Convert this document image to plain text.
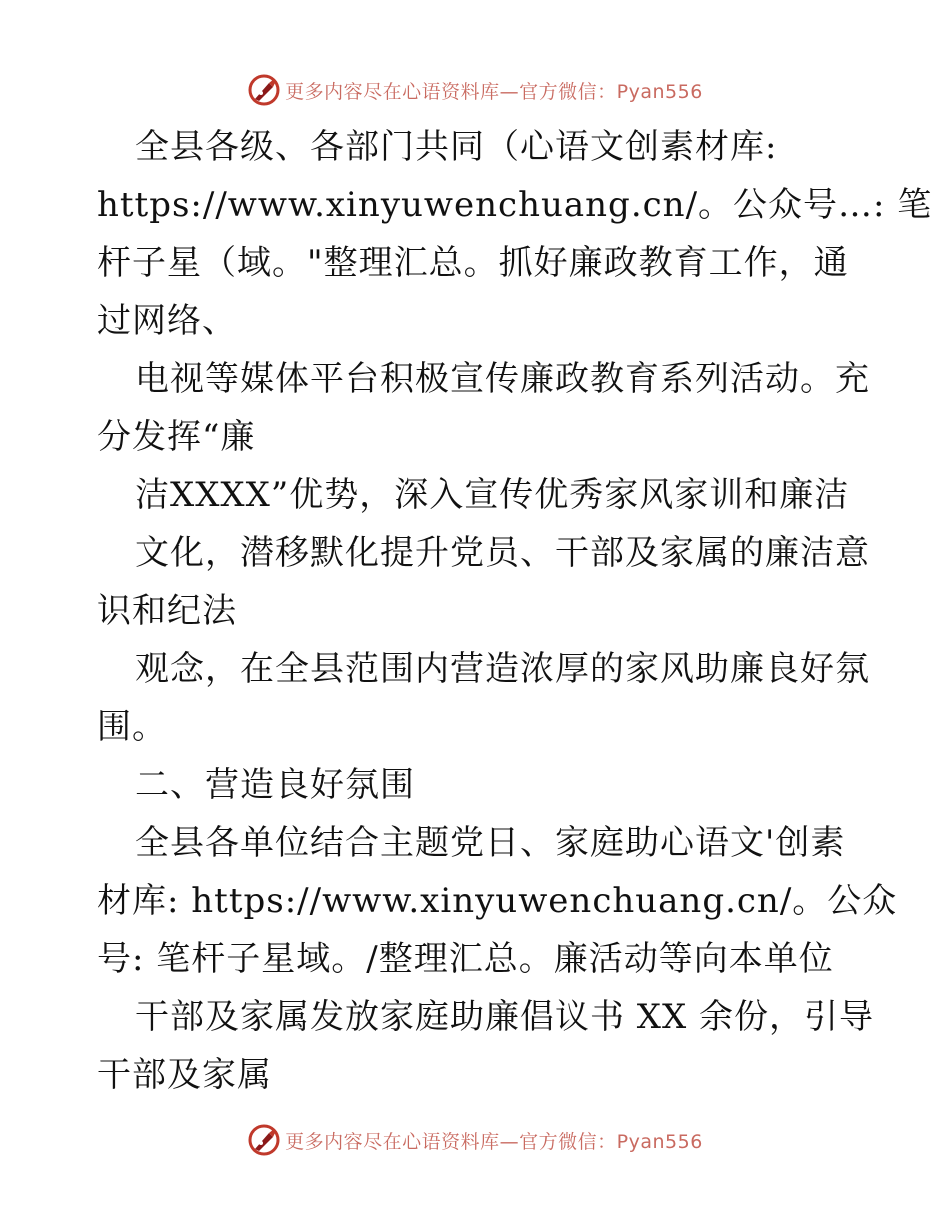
更多内容尽在心语资料库—官方微信：Pyan556
全县各级、各部门共同（心语文创素材库:
https://www.xinyuwenchuang.cn/。公众号…: 笔
杆子星（域。"整理汇总。抓好廉政教育工作，通
过网络、
电视等媒体平台积极宣传廉政教育系列活动。充
分发挥“廉
洁XXXX”优势，深入宣传优秀家风家训和廉洁
文化，潜移默化提升党员、干部及家属的廉洁意
识和纪法
观念，在全县范围内营造浓厚的家风助廉良好氛
围。
二、营造良好氛围
全县各单位结合主题党日、家庭助心语文'创素
材库: https://www.xinyuwenchuang.cn/。公众
号: 笔杆子星域。/整理汇总。廉活动等向本单位
干部及家属发放家庭助廉倡议书 XX 余份，引导
干部及家属
更多内容尽在心语资料库—官方微信：Pyan556
